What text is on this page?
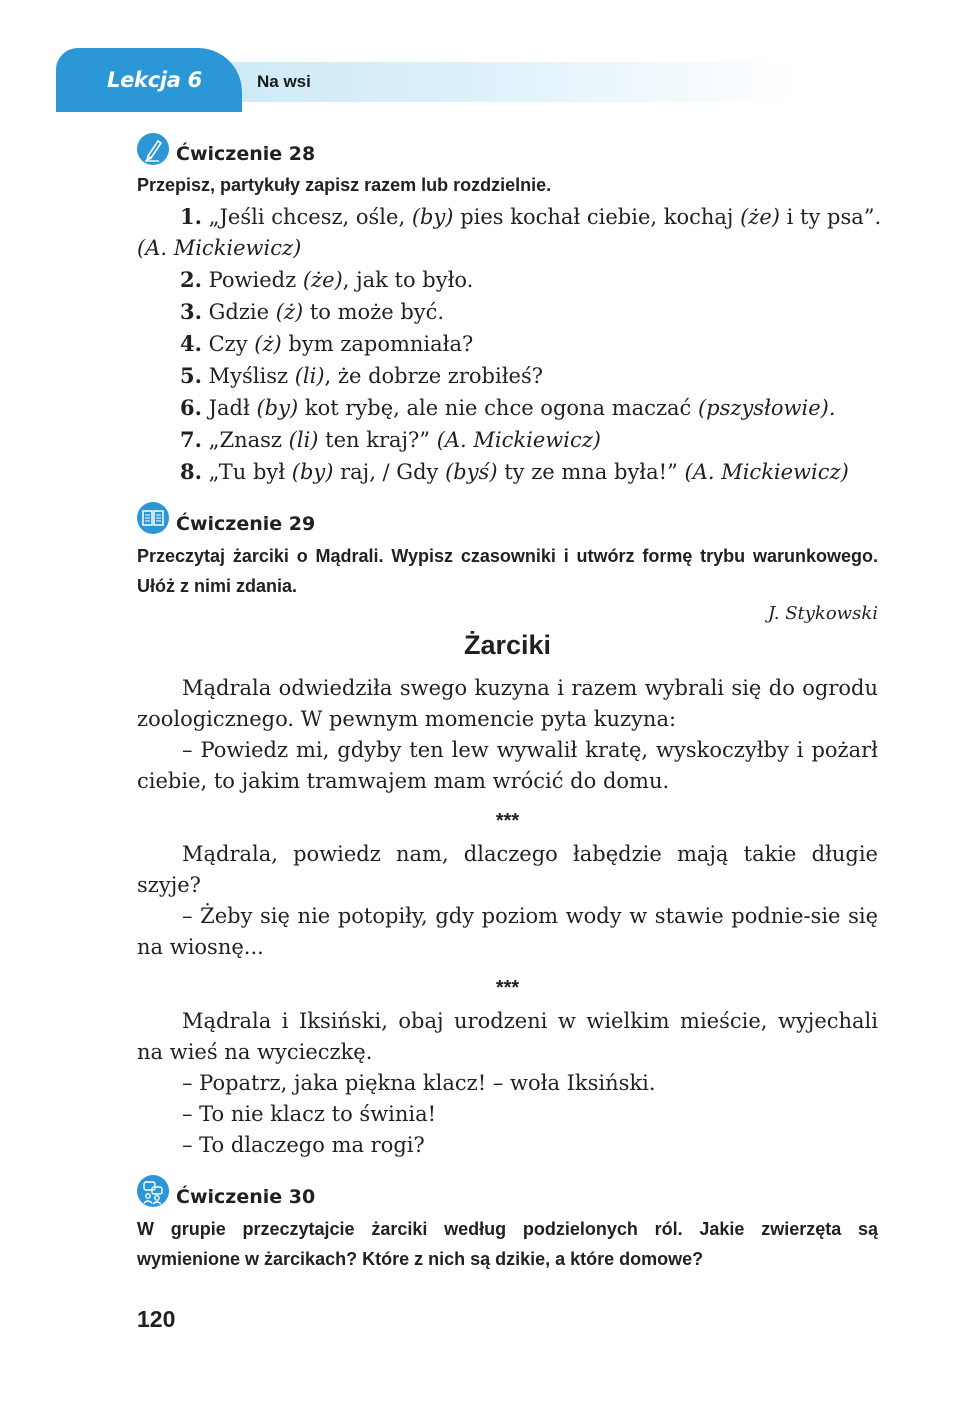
Lekcja 6	Na wsi
Ćwiczenie 28
Przepisz, partykuły zapisz razem lub rozdzielnie.
1. „Jeśli chcesz, ośle, (by) pies kochał ciebie, kochaj (że) i ty psa”.
(A. Mickiewicz)
2. Powiedz (że), jak to było.
3. Gdzie (ż) to może być.
4. Czy (ż) bym zapomniała?
5. Myślisz (li), że dobrze zrobiłeś?
6. Jadł (by) kot rybę, ale nie chce ogona maczać (pszysłowie).
7. „Znasz (li) ten kraj?” (A. Mickiewicz)
8. „Tu był (by) raj, / Gdy (byś) ty ze mna była!” (A. Mickiewicz)
Ćwiczenie 29
Przeczytaj żarciki o Mądrali. Wypisz czasowniki i utwórz formę trybu warunkowego. Ułóż z nimi zdania.
J. Stykowski
Żarciki
Mądrala odwiedziła swego kuzyna i razem wybrali się do ogrodu zoologicznego. W pewnym momencie pyta kuzyna:
– Powiedz mi, gdyby ten lew wywalił kratę, wyskoczyłby i pożarł ciebie, to jakim tramwajem mam wrócić do domu.
***
Mądrala, powiedz nam, dlaczego łabędzie mają takie długie szyje?
– Żeby się nie potopiły, gdy poziom wody w stawie podnie-sie się na wiosnę...
***
Mądrala i Iksiński, obaj urodzeni w wielkim mieście, wyjechali na wieś na wycieczkę.
– Popatrz, jaka piękna klacz! – woła Iksiński.
– To nie klacz to świnia!
– To dlaczego ma rogi?
Ćwiczenie 30
W grupie przeczytajcie żarciki według podzielonych ról. Jakie zwierzęta są wymienione w żarcikach? Które z nich są dzikie, a które domowe?
120
